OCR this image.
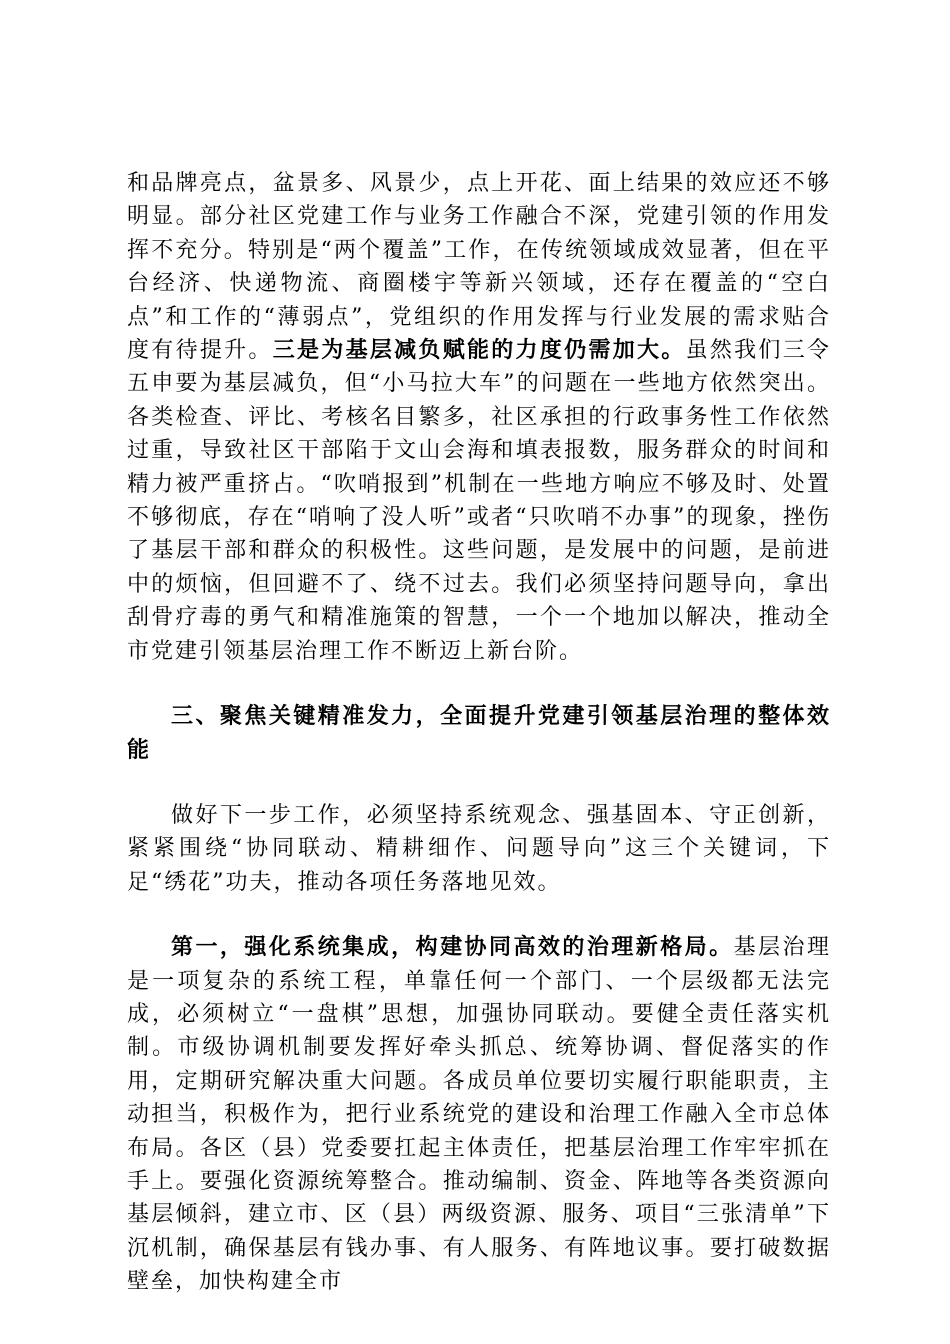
和品牌亮点，盆景多、风景少，点上开花、面上结果的效应还不够明显。部分社区党建工作与业务工作融合不深，党建引领的作用发挥不充分。特别是“两个覆盖”工作，在传统领域成效显著，但在平台经济、快递物流、商圈楼宇等新兴领域，还存在覆盖的“空白点”和工作的“薄弱点”，党组织的作用发挥与行业发展的需求贴合度有待提升。三是为基层减负赋能的力度仍需加大。虽然我们三令五申要为基层减负，但“小马拉大车”的问题在一些地方依然突出。各类检查、评比、考核名目繁多，社区承担的行政事务性工作依然过重，导致社区干部陷于文山会海和填表报数，服务群众的时间和精力被严重挤占。“吹哨报到”机制在一些地方响应不够及时、处置不够彻底，存在“哨响了没人听”或者“只吹哨不办事”的现象，挫伤了基层干部和群众的积极性。这些问题，是发展中的问题，是前进中的烦恼，但回避不了、绕不过去。我们必须坚持问题导向，拿出刮骨疗毒的勇气和精准施策的智慧，一个一个地加以解决，推动全市党建引领基层治理工作不断迈上新台阶。

三、聚焦关键精准发力，全面提升党建引领基层治理的整体效能

做好下一步工作，必须坚持系统观念、强基固本、守正创新，紧紧围绕“协同联动、精耕细作、问题导向”这三个关键词，下足“绣花”功夫，推动各项任务落地见效。

第一，强化系统集成，构建协同高效的治理新格局。基层治理是一项复杂的系统工程，单靠任何一个部门、一个层级都无法完成，必须树立“一盘棋”思想，加强协同联动。要健全责任落实机制。市级协调机制要发挥好牵头抓总、统筹协调、督促落实的作用，定期研究解决重大问题。各成员单位要切实履行职能职责，主动担当，积极作为，把行业系统党的建设和治理工作融入全市总体布局。各区（县）党委要扛起主体责任，把基层治理工作牢牢抓在手上。要强化资源统筹整合。推动编制、资金、阵地等各类资源向基层倾斜，建立市、区（县）两级资源、服务、项目“三张清单”下沉机制，确保基层有钱办事、有人服务、有阵地议事。要打破数据壁垒，加快构建全市
